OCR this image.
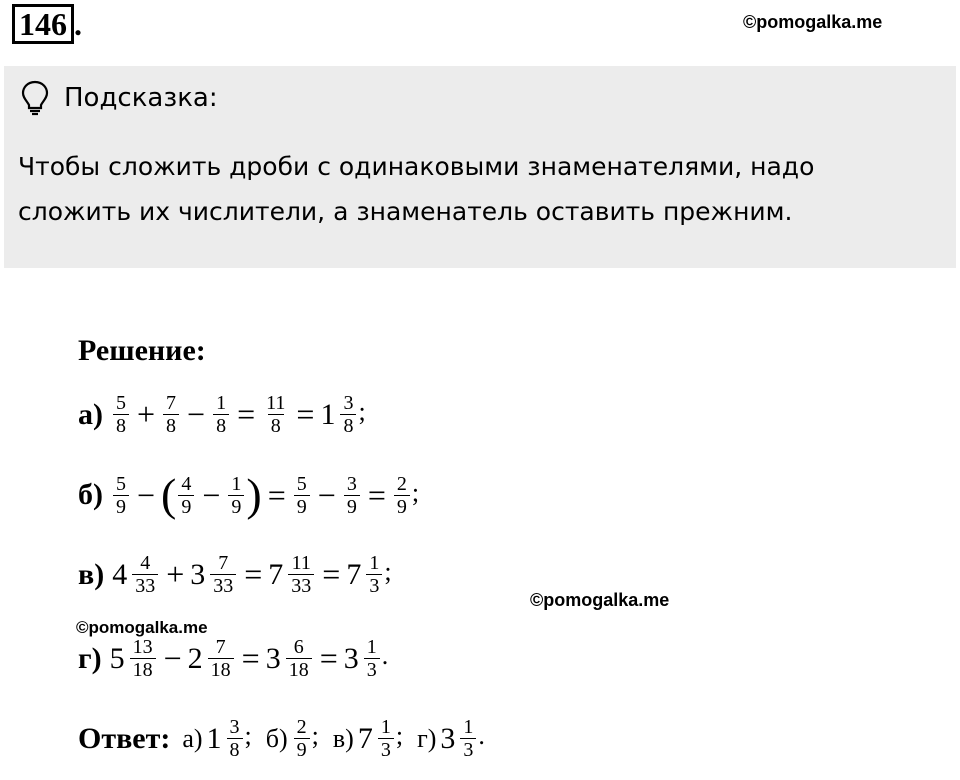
146 .	©pomogalka.me
Подсказка:
Чтобы сложить дроби с одинаковыми знаменателями, надо
сложить их числители, а знаменатель оставить прежним.
Решение:
$а) \frac{5}{8} + \frac{7}{8} - \frac{1}{8} = \frac{11}{8} = 1 \frac{3}{8}$ ;
$б) \frac{5}{9}$ − ( $\frac{4}{9} - \frac{1}{9}$ ) = $\frac{5}{9} - \frac{3}{9} = \frac{2}{9}$ ;
в) $4 \frac{4}{33} + 3 \frac{7}{33} = 7 \frac{11}{33} = 7 \frac{1}{3}$ ;
©pomogalka.me
©pomogalka.me
г) $5 \frac{13}{18} - 2 \frac{7}{18} = 3 \frac{6}{18} = 3 \frac{1}{3}$ .
Ответ: а) $1 \frac{3}{8}$ ; $б) \frac{2}{9}$ ; в) $7 \frac{1}{3}$ ; г) $3 \frac{1}{3}$ .
